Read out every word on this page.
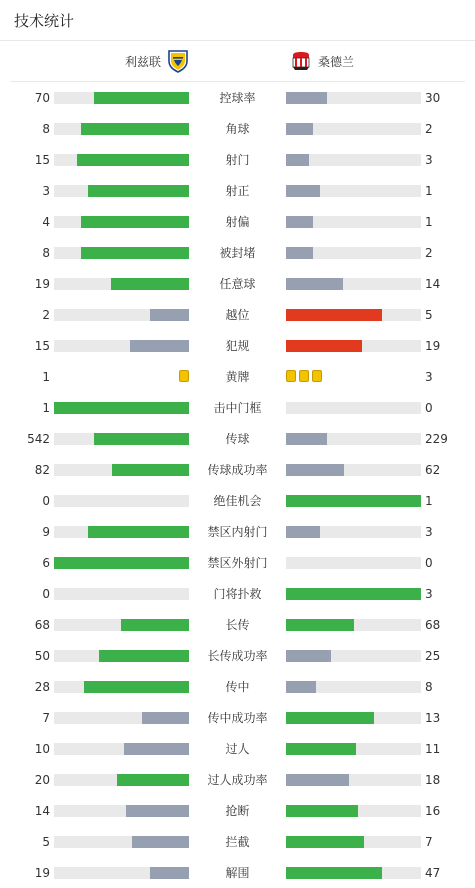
技术统计
利兹联	桑德兰
70	控球率	30
8	角球	2
15	射门	3
3	射正	1
4	射偏	1
8	被封堵	2
19	任意球	14
2	越位	5
15	犯规	19
1	黄牌	3
1	击中门框	0
542	传球	229
82	传球成功率	62
0	绝佳机会	1
9	禁区内射门	3
6	禁区外射门	0
0	门将扑救	3
68	长传	68
50	长传成功率	25
28	传中	8
7	传中成功率	13
10	过人	11
20	过人成功率	18
14	抢断	16
5	拦截	7
19	解围	47
